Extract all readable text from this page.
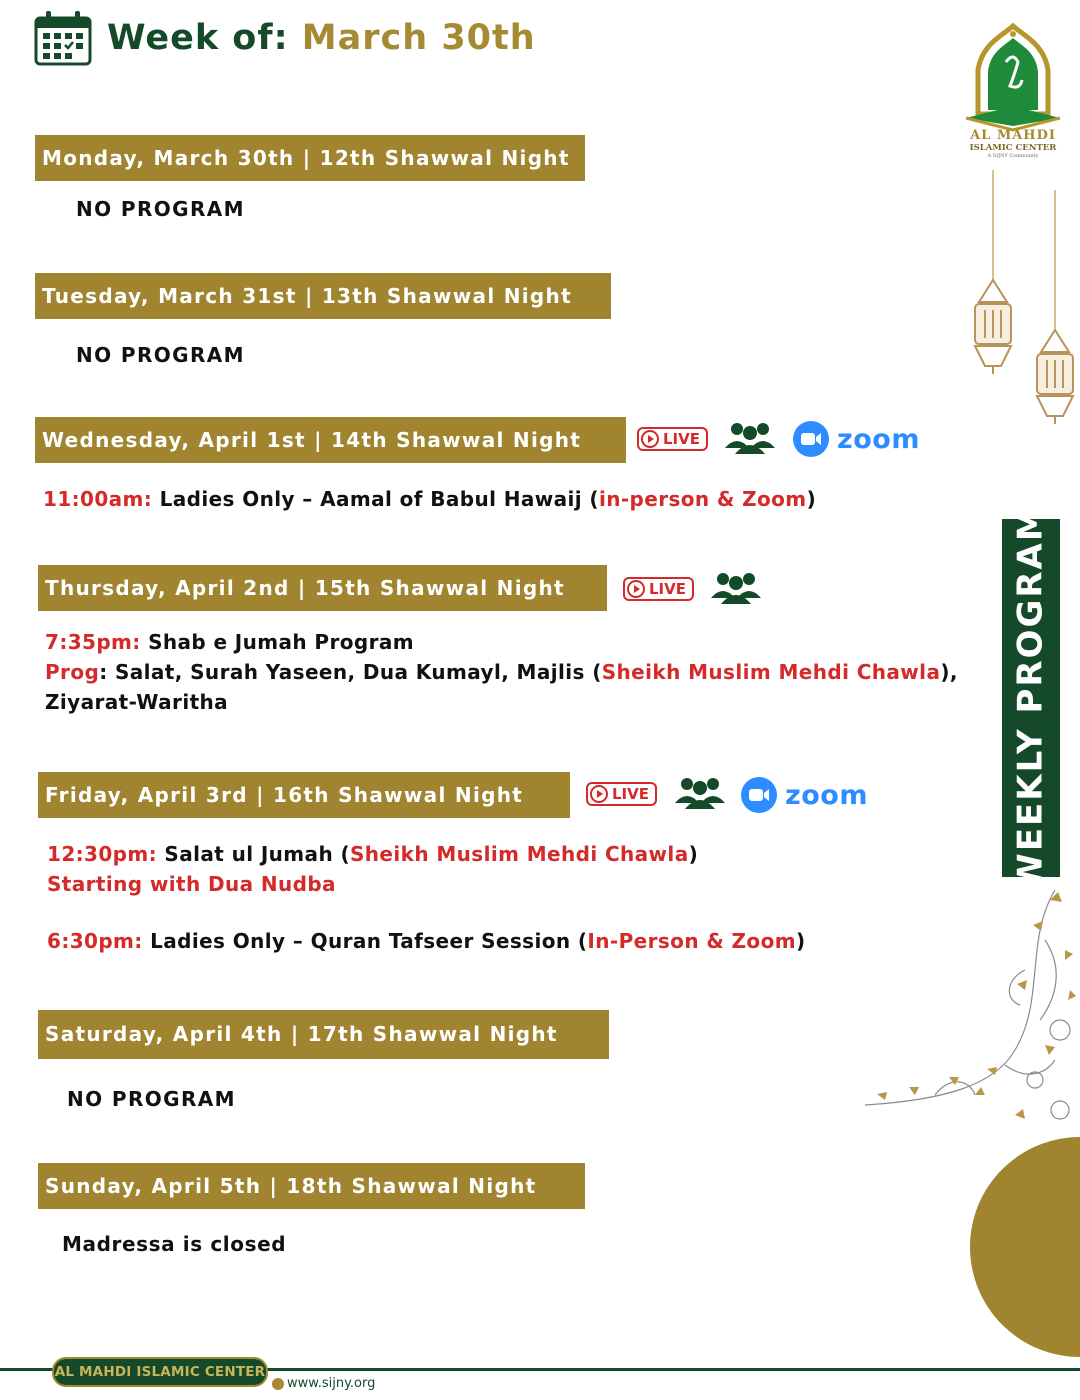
Week of: March 30th
AL MAHDI
ISLAMIC CENTER
A SIJNY Community
Monday, March 30th | 12th Shawwal Night
NO PROGRAM
Tuesday, March 31st | 13th Shawwal Night
NO PROGRAM
Wednesday, April 1st | 14th Shawwal Night	LIVE	zoom
11:00am: Ladies Only – Aamal of Babul Hawaij (in-person & Zoom)
Thursday, April 2nd | 15th Shawwal Night	LIVE
7:35pm: Shab e Jumah Program
Prog: Salat, Surah Yaseen, Dua Kumayl, Majlis (Sheikh Muslim Mehdi Chawla),
Ziyarat-Waritha
Friday, April 3rd | 16th Shawwal Night	LIVE	zoom
12:30pm: Salat ul Jumah (Sheikh Muslim Mehdi Chawla)
Starting with Dua Nudba
6:30pm: Ladies Only – Quran Tafseer Session (In-Person & Zoom)
Saturday, April 4th | 17th Shawwal Night
NO PROGRAM
Sunday, April 5th | 18th Shawwal Night
Madressa is closed
WEEKLY PROGRAM
AL MAHDI ISLAMIC CENTER
www.sijny.org
